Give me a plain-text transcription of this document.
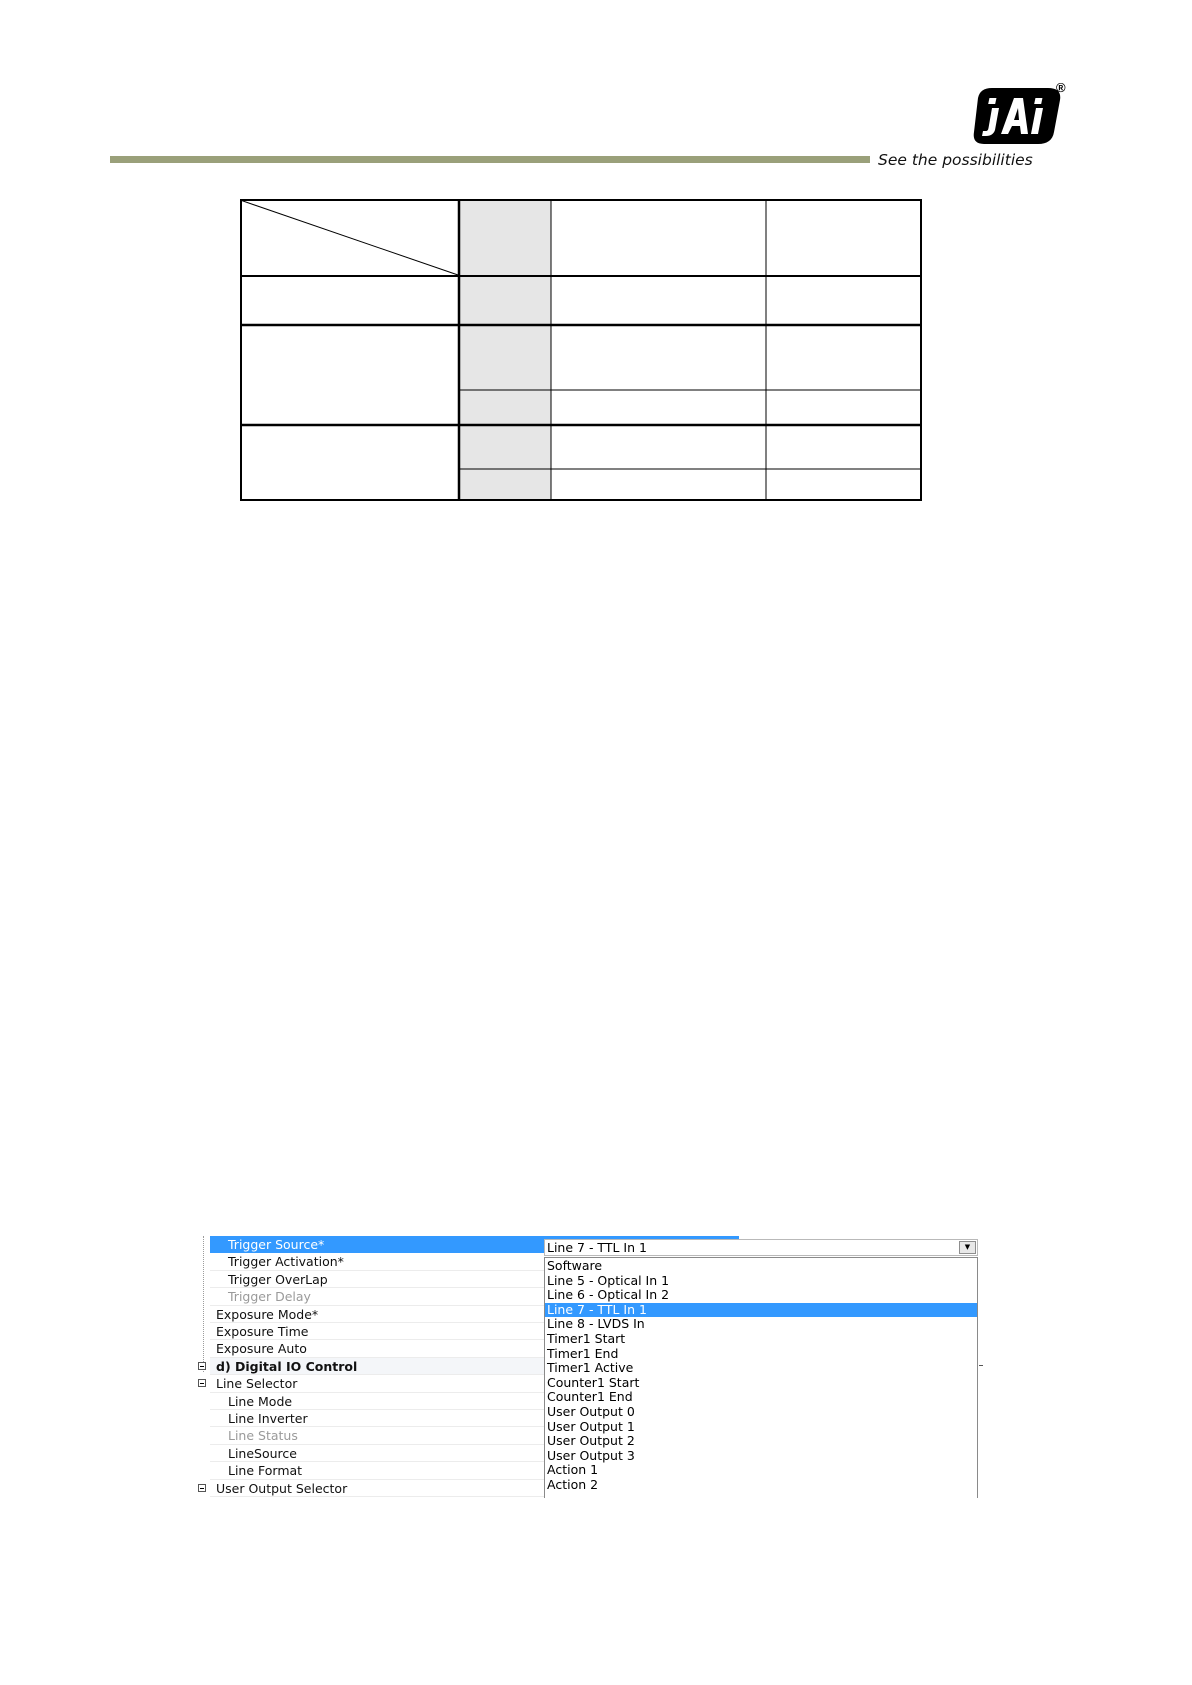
See the possibilities
®
Trigger Source*
Trigger Activation*
Trigger OverLap
Trigger Delay
Exposure Mode*
Exposure Time
Exposure Auto
d) Digital IO Control
Line Selector
Line Mode
Line Inverter
Line Status
LineSource
Line Format
User Output Selector
Line 7 - TTL In 1	▼
Software
Line 5 - Optical In 1
Line 6 - Optical In 2
Line 7 - TTL In 1
Line 8 - LVDS In
Timer1 Start
Timer1 End
Timer1 Active
Counter1 Start
Counter1 End
User Output 0
User Output 1
User Output 2
User Output 3
Action 1
Action 2
